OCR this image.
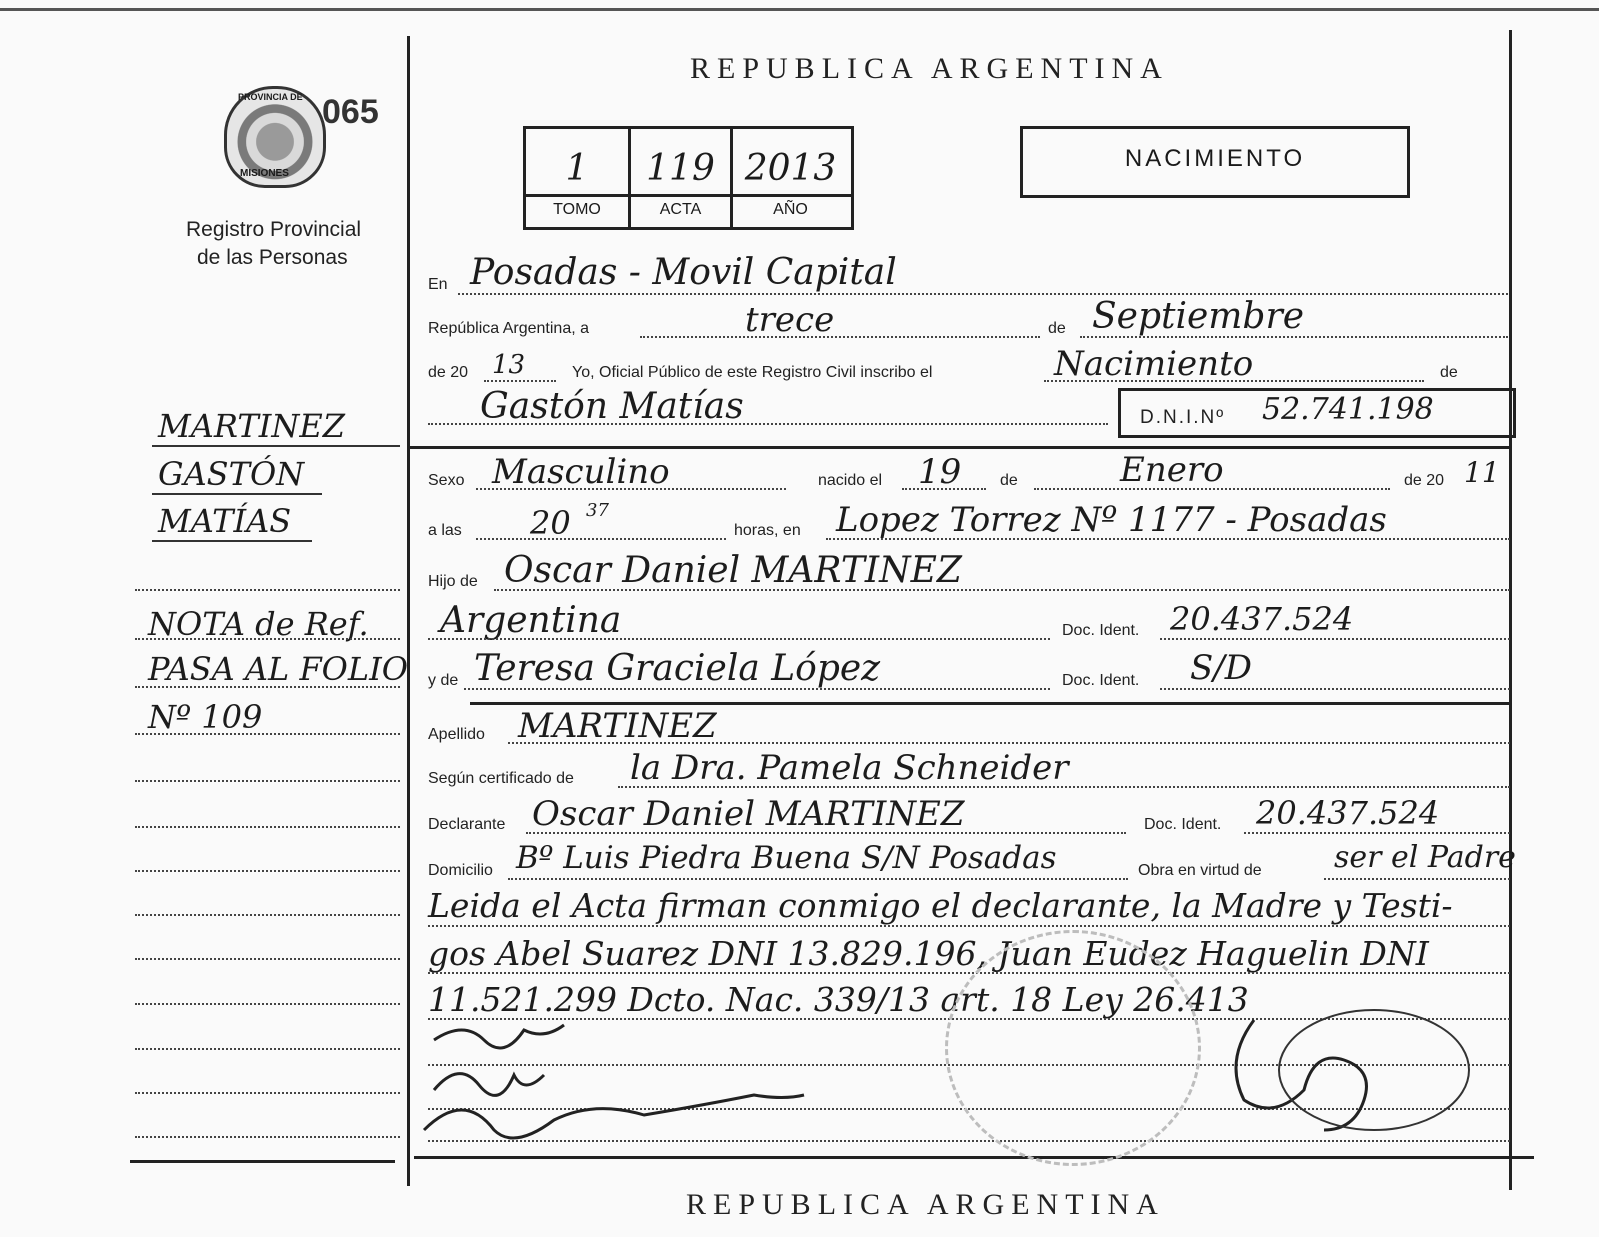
PROVINCIA DE
MISIONES
065
Registro Provincial
de las Personas
REPUBLICA ARGENTINA
1	119 2013
TOMO	ACTA	AÑO
NACIMIENTO
MARTINEZ
GASTÓN
MATÍAS
NOTA de Ref.
PASA AL FOLIO
Nº 109
En Posadas - Movil Capital
República Argentina, a	trece	de Septiembre
de 20 13	Yo, Oficial Público de este Registro Civil inscribo el	Nacimiento	de
Gastón Matías	D.N.I.Nº 52.741.198
Sexo Masculino	nacido el 19 de	Enero	de 20 11
a las 20 37
horas, en Lopez Torrez Nº 1177 - Posadas
Hijo de Oscar Daniel MARTINEZ
Argentina	Doc. Ident. 20.437.524
y de Teresa Graciela López	Doc. Ident. S/D
Apellido MARTINEZ
Según certificado de la Dra. Pamela Schneider
Declarante Oscar Daniel MARTINEZ	Doc. Ident. 20.437.524
Domicilio Bº Luis Piedra Buena S/N Posadas	Obra en virtud de ser el Padre
Leida el Acta firman conmigo el declarante, la Madre y Testi-
gos Abel Suarez DNI 13.829.196, Juan Eudez Haguelin DNI
11.521.299 Dcto. Nac. 339/13 art. 18 Ley 26.413
REPUBLICA ARGENTINA
